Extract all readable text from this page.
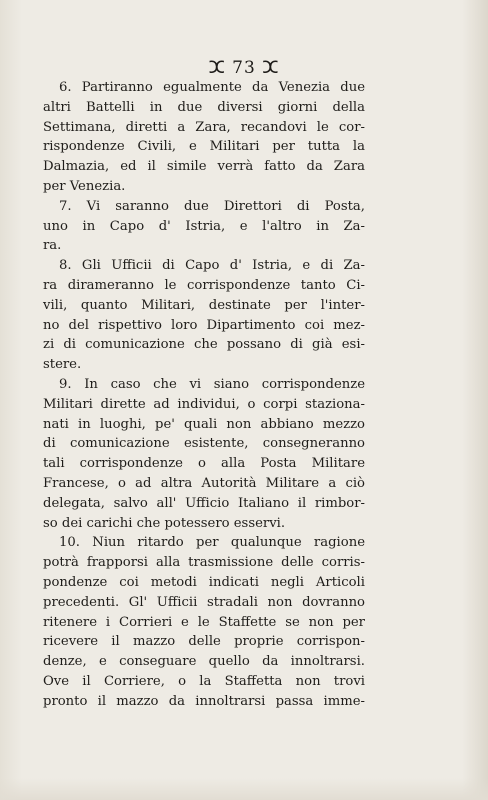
ⵋ 73 ⵋ
6. Partiranno egualmente da Venezia due
altri Battelli in due diversi giorni della
Settimana, diretti a Zara, recandovi le cor-
rispondenze Civili, e Militari per tutta la
Dalmazia, ed il simile verrà fatto da Zara
per Venezia.
7. Vi saranno due Direttori di Posta,
uno in Capo d' Istria, e l'altro in Za-
ra.
8. Gli Ufficii di Capo d' Istria, e di Za-
ra dirameranno le corrispondenze tanto Ci-
vili, quanto Militari, destinate per l'inter-
no del rispettivo loro Dipartimento coi mez-
zi di comunicazione che possano di già esi-
stere.
9. In caso che vi siano corrispondenze
Militari dirette ad individui, o corpi staziona-
nati in luoghi, pe' quali non abbiano mezzo
di comunicazione esistente, consegneranno
tali corrispondenze o alla Posta Militare
Francese, o ad altra Autorità Militare a ciò
delegata, salvo all' Ufficio Italiano il rimbor-
so dei carichi che potessero esservi.
10. Niun ritardo per qualunque ragione
potrà frapporsi alla trasmissione delle corris-
pondenze coi metodi indicati negli Articoli
precedenti. Gl' Ufficii stradali non dovranno
ritenere i Corrieri e le Staffette se non per
ricevere il mazzo delle proprie corrispon-
denze, e conseguare quello da innoltrarsi.
Ove il Corriere, o la Staffetta non trovi
pronto il mazzo da innoltrarsi passa imme-
